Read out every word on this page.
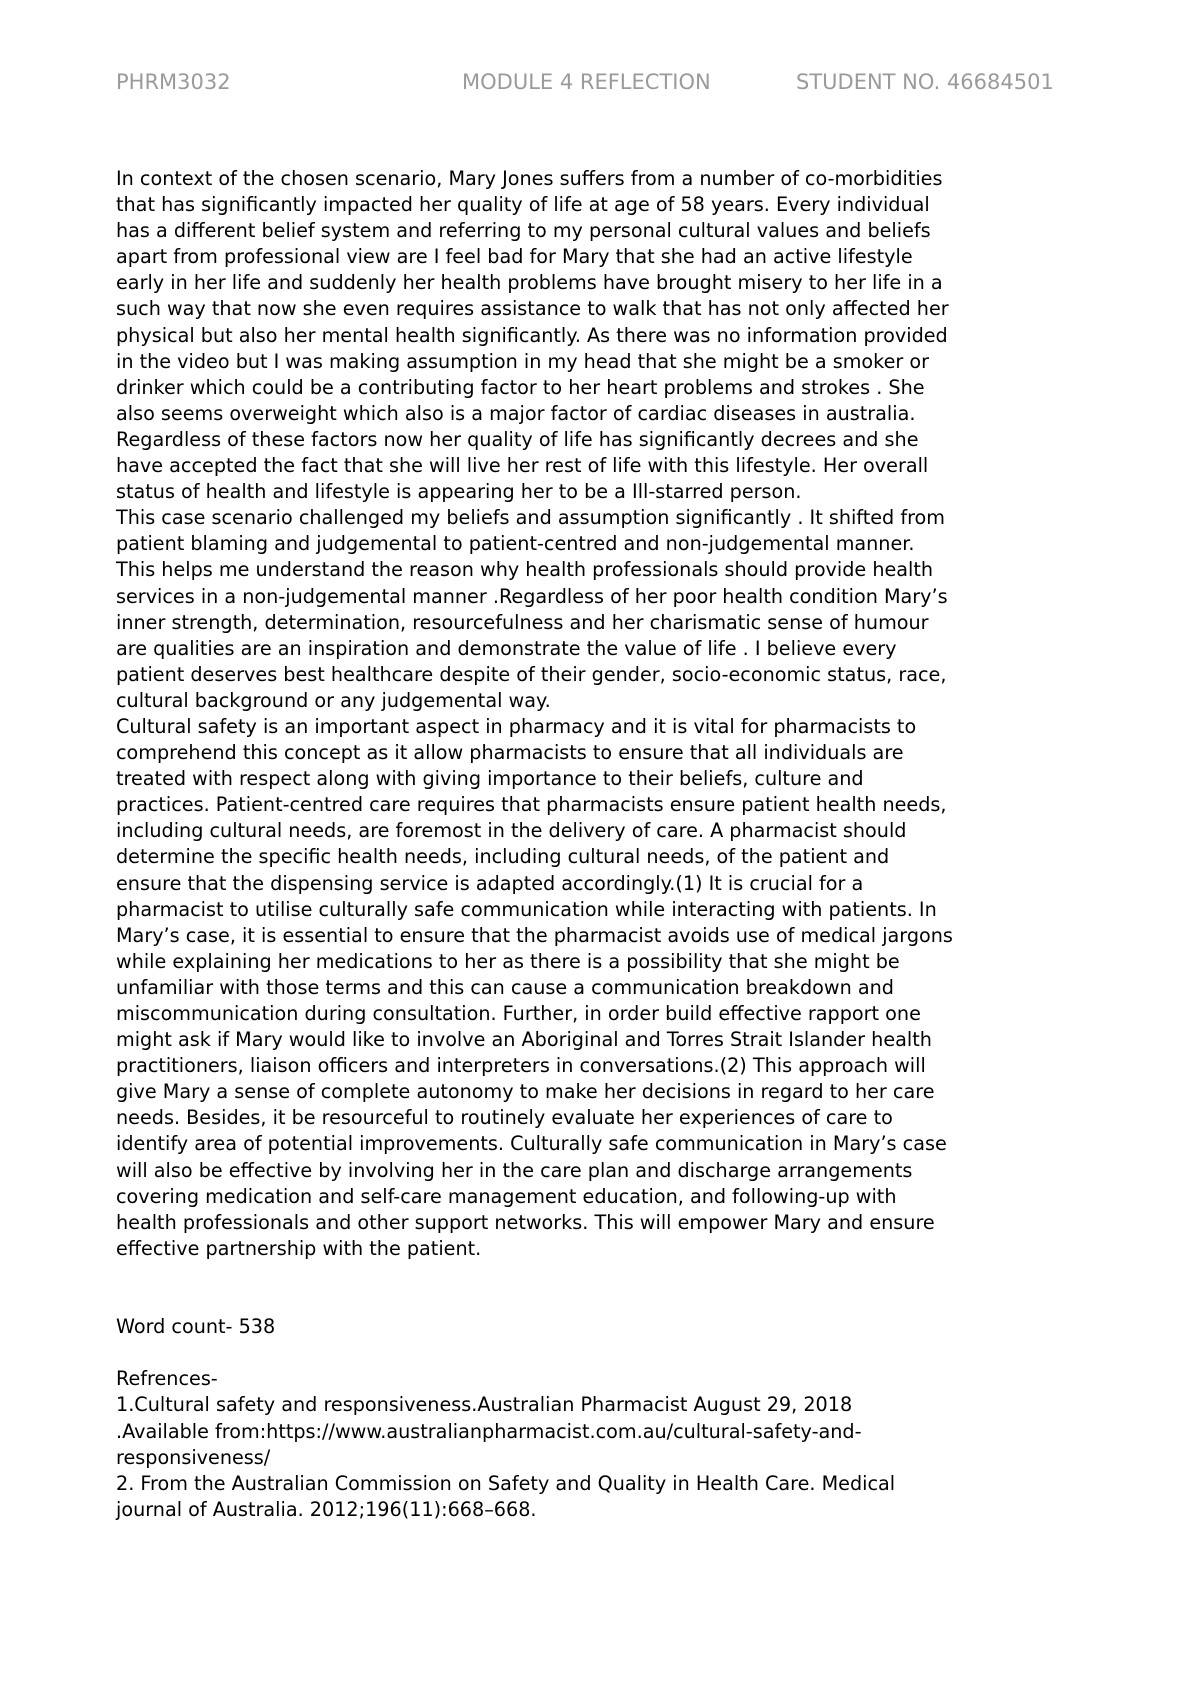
PHRM3032	MODULE 4 REFLECTION	STUDENT NO. 46684501
In context of the chosen scenario, Mary Jones suffers from a number of co-morbidities
that has significantly impacted her quality of life at age of 58 years. Every individual
has a different belief system and referring to my personal cultural values and beliefs
apart from professional view are I feel bad for Mary that she had an active lifestyle
early in her life and suddenly her health problems have brought misery to her life in a
such way that now she even requires assistance to walk that has not only affected her
physical but also her mental health significantly. As there was no information provided
in the video but I was making assumption in my head that she might be a smoker or
drinker which could be a contributing factor to her heart problems and strokes . She
also seems overweight which also is a major factor of cardiac diseases in australia.
Regardless of these factors now her quality of life has significantly decrees and she
have accepted the fact that she will live her rest of life with this lifestyle. Her overall
status of health and lifestyle is appearing her to be a Ill-starred person.
This case scenario challenged my beliefs and assumption significantly . It shifted from
patient blaming and judgemental to patient-centred and non-judgemental manner.
This helps me understand the reason why health professionals should provide health
services in a non-judgemental manner .Regardless of her poor health condition Mary’s
inner strength, determination, resourcefulness and her charismatic sense of humour
are qualities are an inspiration and demonstrate the value of life . I believe every
patient deserves best healthcare despite of their gender, socio-economic status, race,
cultural background or any judgemental way.
Cultural safety is an important aspect in pharmacy and it is vital for pharmacists to
comprehend this concept as it allow pharmacists to ensure that all individuals are
treated with respect along with giving importance to their beliefs, culture and
practices. Patient-centred care requires that pharmacists ensure patient health needs,
including cultural needs, are foremost in the delivery of care. A pharmacist should
determine the specific health needs, including cultural needs, of the patient and
ensure that the dispensing service is adapted accordingly.(1) It is crucial for a
pharmacist to utilise culturally safe communication while interacting with patients. In
Mary’s case, it is essential to ensure that the pharmacist avoids use of medical jargons
while explaining her medications to her as there is a possibility that she might be
unfamiliar with those terms and this can cause a communication breakdown and
miscommunication during consultation. Further, in order build effective rapport one
might ask if Mary would like to involve an Aboriginal and Torres Strait Islander health
practitioners, liaison officers and interpreters in conversations.(2) This approach will
give Mary a sense of complete autonomy to make her decisions in regard to her care
needs. Besides, it be resourceful to routinely evaluate her experiences of care to
identify area of potential improvements. Culturally safe communication in Mary’s case
will also be effective by involving her in the care plan and discharge arrangements
covering medication and self-care management education, and following-up with
health professionals and other support networks. This will empower Mary and ensure
effective partnership with the patient.
Word count- 538
Refrences-
1.Cultural safety and responsiveness.Australian Pharmacist August 29, 2018
.Available from:https://www.australianpharmacist.com.au/cultural-safety-and-
responsiveness/
2. From the Australian Commission on Safety and Quality in Health Care. Medical
journal of Australia. 2012;196(11):668–668.
